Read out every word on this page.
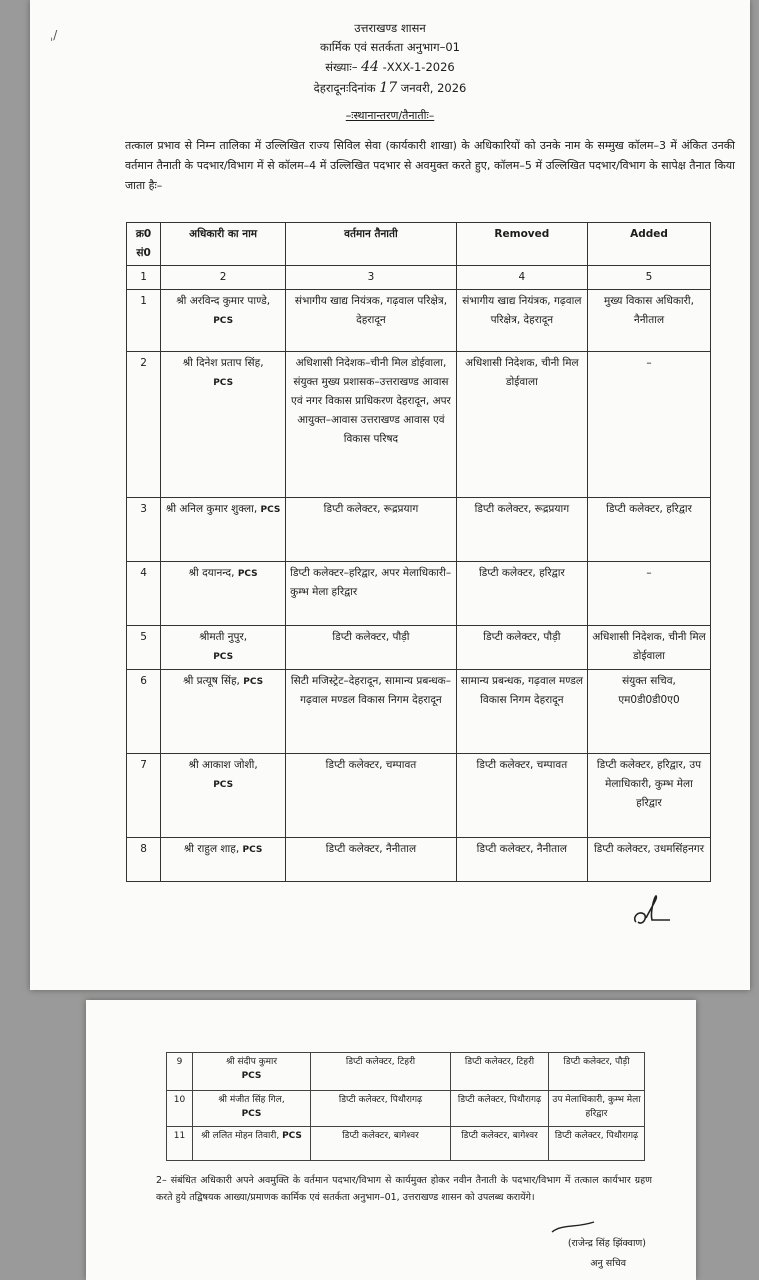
ˌ/	उत्तराखण्ड शासन
कार्मिक एवं सतर्कता अनुभाग–01
संख्याः– 44 -XXX-1-2026
देहरादूनःदिनांक 17 जनवरी, 2026
–ःस्थानान्तरण/तैनातीः–
तत्काल प्रभाव से निम्न तालिका में उल्लिखित राज्य सिविल सेवा (कार्यकारी शाखा) के अधिकारियों को उनके नाम के सम्मुख कॉलम–3 में अंकित उनकी वर्तमान तैनाती के पदभार/विभाग में से कॉलम–4 में उल्लिखित पदभार से अवमुक्त करते हुए, कॉलम–5 में उल्लिखित पदभार/विभाग के सापेक्ष तैनात किया जाता हैः–
क्र0 सं0	अधिकारी का नाम	वर्तमान तैनाती	Removed	Added
1	2	3	4	5
1	श्री अरविन्द कुमार पाण्डे, PCS	संभागीय खाद्य नियंत्रक, गढ़वाल परिक्षेत्र, देहरादून	संभागीय खाद्य नियंत्रक, गढ़वाल परिक्षेत्र, देहरादून	मुख्य विकास अधिकारी, नैनीताल
2	श्री दिनेश प्रताप सिंह,
PCS	अधिशासी निदेशक–चीनी मिल डोईवाला, संयुक्त मुख्य प्रशासक–उत्तराखण्ड आवास एवं नगर विकास प्राधिकरण देहरादून, अपर आयुक्त–आवास उत्तराखण्ड आवास एवं विकास परिषद	अधिशासी निदेशक, चीनी मिल डोईवाला	–
3	श्री अनिल कुमार शुक्ला, PCS	डिप्टी कलेक्टर, रूद्रप्रयाग	डिप्टी कलेक्टर, रूद्रप्रयाग	डिप्टी कलेक्टर, हरिद्वार
4	श्री दयानन्द, PCS	डिप्टी कलेक्टर–हरिद्वार, अपर मेलाधिकारी–कुम्भ मेला हरिद्वार	डिप्टी कलेक्टर, हरिद्वार	–
5	श्रीमती नुपुर,
PCS	डिप्टी कलेक्टर, पौड़ी	डिप्टी कलेक्टर, पौड़ी	अधिशासी निदेशक, चीनी मिल डोईवाला
6	श्री प्रत्यूष सिंह, PCS	सिटी मजिस्ट्रेट–देहरादून, सामान्य प्रबन्धक–गढ़वाल मण्डल विकास निगम देहरादून	सामान्य प्रबन्धक, गढ़वाल मण्डल विकास निगम देहरादून	संयुक्त सचिव, एम0डी0डी0ए0
7	श्री आकाश जोशी,
PCS	डिप्टी कलेक्टर, चम्पावत	डिप्टी कलेक्टर, चम्पावत	डिप्टी कलेक्टर, हरिद्वार, उप मेलाधिकारी, कुम्भ मेला हरिद्वार
8	श्री राहुल शाह, PCS	डिप्टी कलेक्टर, नैनीताल	डिप्टी कलेक्टर, नैनीताल	डिप्टी कलेक्टर, उधमसिंहनगर
9	श्री संदीप कुमार
PCS	डिप्टी कलेक्टर, टिहरी	डिप्टी कलेक्टर, टिहरी	डिप्टी कलेक्टर, पौड़ी
10	श्री मंजीत सिंह गिल,
PCS	डिप्टी कलेक्टर, पिथौरागढ़	डिप्टी कलेक्टर, पिथौरागढ़	उप मेलाधिकारी, कुम्भ मेला हरिद्वार
11	श्री ललित मोहन तिवारी, PCS	डिप्टी कलेक्टर, बागेश्वर	डिप्टी कलेक्टर, बागेश्वर	डिप्टी कलेक्टर, पिथौरागढ़
2– संबंधित अधिकारी अपने अवमुक्ति के वर्तमान पदभार/विभाग से कार्यमुक्त होकर नवीन तैनाती के पदभार/विभाग में तत्काल कार्यभार ग्रहण करते हुये तद्विषयक आख्या/प्रमाणक कार्मिक एवं सतर्कता अनुभाग–01, उत्तराखण्ड शासन को उपलब्ध करायेंगे।
(राजेन्द्र सिंह झिंक्वाण)
अनु सचिव
